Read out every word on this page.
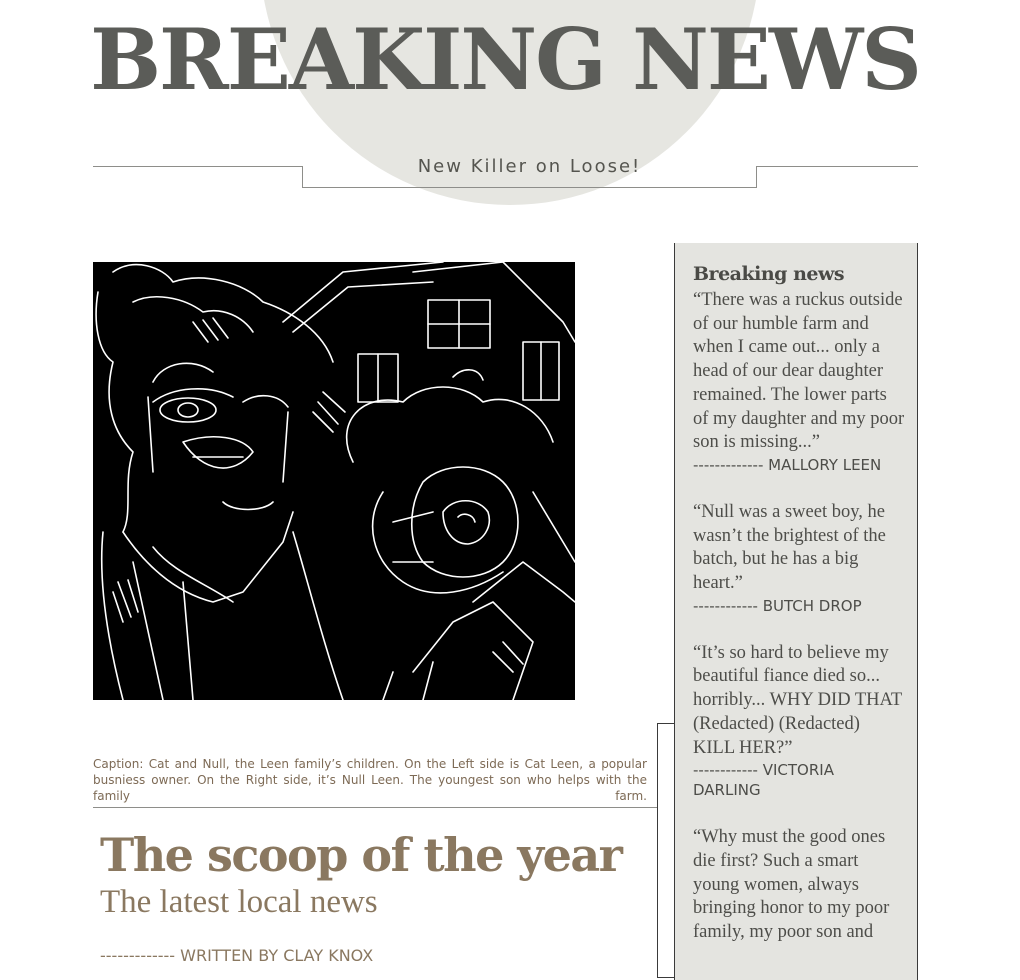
BREAKING NEWS
New Killer on Loose!
Caption: Cat and Null, the Leen family’s children. On the Left side is Cat Leen, a popular busniess owner. On the Right side, it’s Null Leen. The youngest son who helps with the family farm.
The scoop of the year
The latest local news
------------- WRITTEN BY CLAY KNOX
Breaking news

“There was a ruckus outside of our humble farm and when I came out... only a head of our dear daughter remained. The lower parts of my daughter and my poor son is missing...”

------------- MALLORY LEEN

“Null was a sweet boy, he wasn’t the brightest of the batch, but he has a big heart.”

------------ BUTCH DROP

“It’s so hard to believe my beautiful fiance died so... horribly... WHY DID THAT (Redacted) (Redacted) KILL HER?”

------------ VICTORIA DARLING

“Why must the good ones die first? Such a smart young women, always bringing honor to my poor family, my poor son and
